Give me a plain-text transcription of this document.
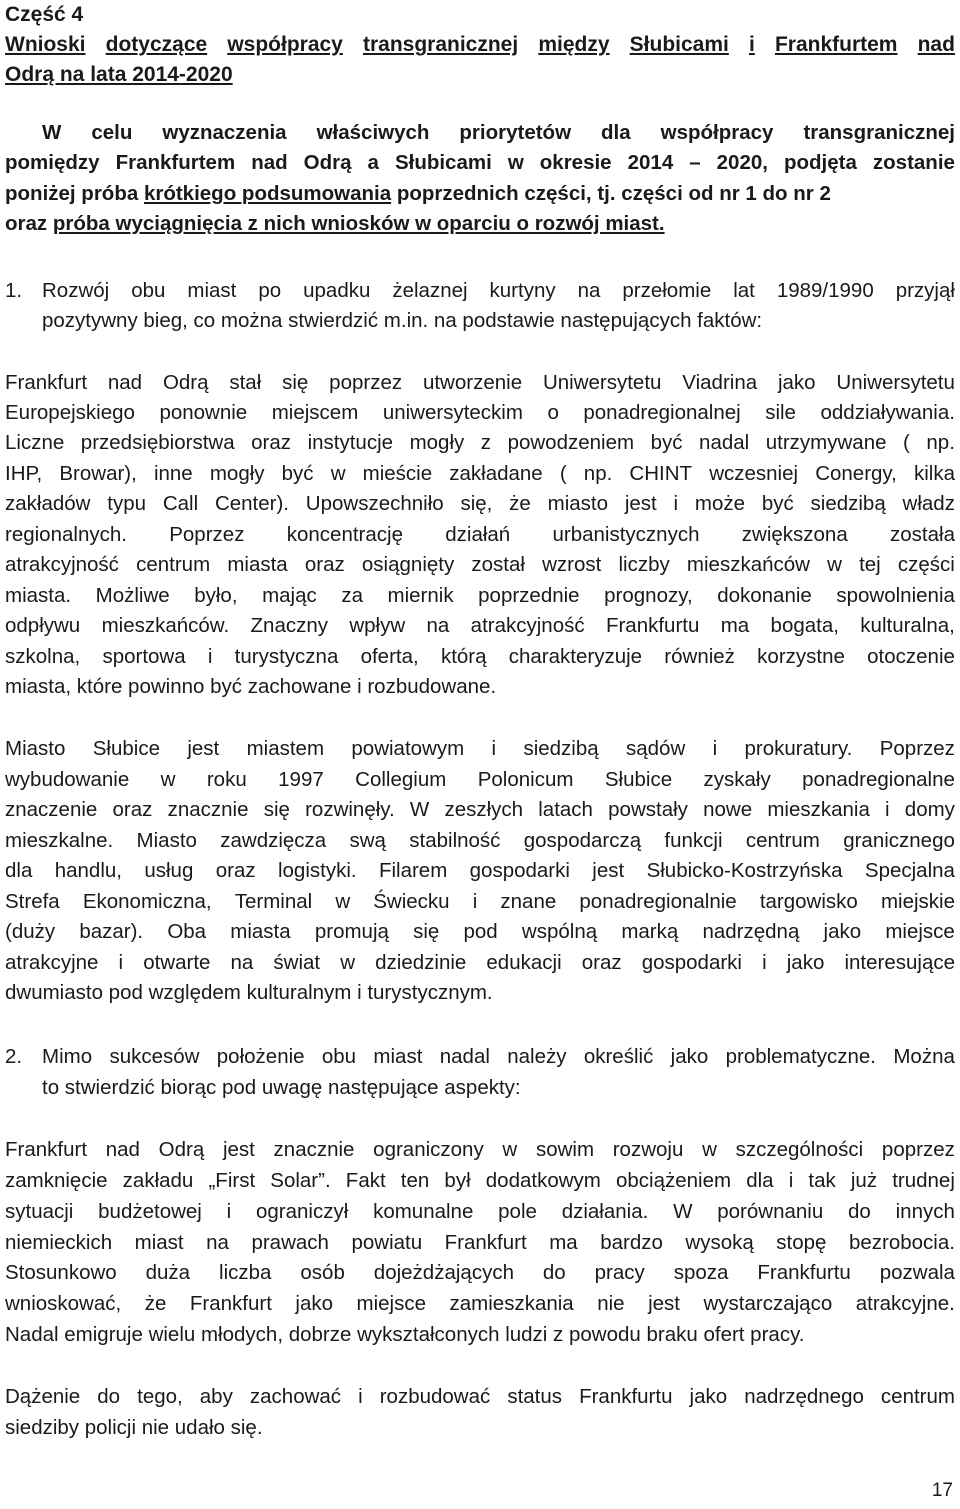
Część 4
Wnioski dotyczące współpracy transgranicznej między Słubicami i Frankfurtem nad
Odrą na lata 2014-2020
W celu wyznaczenia właściwych priorytetów dla współpracy transgranicznej
pomiędzy Frankfurtem nad Odrą a Słubicami w okresie 2014 – 2020, podjęta zostanie
poniżej próba krótkiego podsumowania poprzednich części, tj. części od nr 1 do nr 2
oraz próba wyciągnięcia z nich wniosków w oparciu o rozwój miast .
1. Rozwój obu miast po upadku żelaznej kurtyny na przełomie lat 1989/1990 przyjął
pozytywny bieg, co można stwierdzić m.in. na podstawie następujących faktów:
Frankfurt nad Odrą stał się poprzez utworzenie Uniwersytetu Viadrina jako Uniwersytetu
Europejskiego ponownie miejscem uniwersyteckim o ponadregionalnej sile oddziaływania.
Liczne przedsiębiorstwa oraz instytucje mogły z powodzeniem być nadal utrzymywane ( np.
IHP, Browar), inne mogły być w mieście zakładane ( np. CHINT wczesniej Conergy, kilka
zakładów typu Call Center). Upowszechniło się, że miasto jest i może być siedzibą władz
regionalnych. Poprzez koncentrację działań urbanistycznych zwiększona została
atrakcyjność centrum miasta oraz osiągnięty został wzrost liczby mieszkańców w tej części
miasta. Możliwe było, mając za miernik poprzednie prognozy, dokonanie spowolnienia
odpływu mieszkańców. Znaczny wpływ na atrakcyjność Frankfurtu ma bogata, kulturalna,
szkolna, sportowa i turystyczna oferta, którą charakteryzuje również korzystne otoczenie
miasta, które powinno być zachowane i rozbudowane.
Miasto Słubice jest miastem powiatowym i siedzibą sądów i prokuratury. Poprzez
wybudowanie w roku 1997 Collegium Polonicum Słubice zyskały ponadregionalne
znaczenie oraz znacznie się rozwinęły. W zeszłych latach powstały nowe mieszkania i domy
mieszkalne. Miasto zawdzięcza swą stabilność gospodarczą funkcji centrum granicznego
dla handlu, usług oraz logistyki. Filarem gospodarki jest Słubicko-Kostrzyńska Specjalna
Strefa Ekonomiczna, Terminal w Świecku i znane ponadregionalnie targowisko miejskie
(duży bazar). Oba miasta promują się pod wspólną marką nadrzędną jako miejsce
atrakcyjne i otwarte na świat w dziedzinie edukacji oraz gospodarki i jako interesujące
dwumiasto pod względem kulturalnym i turystycznym.
2. Mimo sukcesów położenie obu miast nadal należy określić jako problematyczne. Można
to stwierdzić biorąc pod uwagę następujące aspekty:
Frankfurt nad Odrą jest znacznie ograniczony w sowim rozwoju w szczególności poprzez
zamknięcie zakładu „First Solar”. Fakt ten był dodatkowym obciążeniem dla i tak już trudnej
sytuacji budżetowej i ograniczył komunalne pole działania. W porównaniu do innych
niemieckich miast na prawach powiatu Frankfurt ma bardzo wysoką stopę bezrobocia.
Stosunkowo duża liczba osób dojeżdżających do pracy spoza Frankfurtu pozwala
wnioskować, że Frankfurt jako miejsce zamieszkania nie jest wystarczająco atrakcyjne.
Nadal emigruje wielu młodych, dobrze wykształconych ludzi z powodu braku ofert pracy.
Dążenie do tego, aby zachować i rozbudować status Frankfurtu jako nadrzędnego centrum
siedziby policji nie udało się.
17
